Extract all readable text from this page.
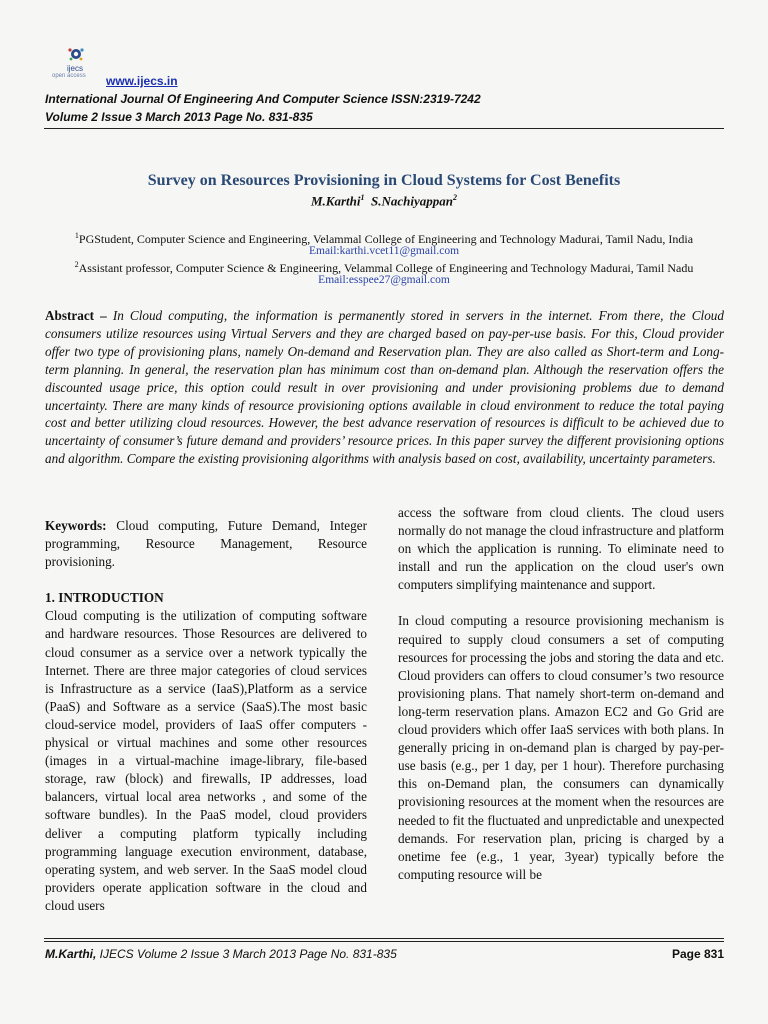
ijecs
open access www.ijecs.in
International Journal Of Engineering And Computer Science ISSN:2319-7242
Volume 2 Issue 3 March 2013 Page No. 831-835
Survey on Resources Provisioning in Cloud Systems for Cost Benefits
M.Karthi$^1$ S.Nachiyappan$^2$
$^1$PGStudent, Computer Science and Engineering, Velammal College of Engineering and Technology Madurai, Tamil Nadu, India
Email:karthi.vcet11@gmail.com
$^2$Assistant professor, Computer Science & Engineering, Velammal College of Engineering and Technology Madurai, Tamil Nadu
Email:esspee27@gmail.com
Abstract – In Cloud computing, the information is permanently stored in servers in the internet. From there, the Cloud consumers utilize resources using Virtual Servers and they are charged based on pay-per-use basis. For this, Cloud provider offer two type of provisioning plans, namely On-demand and Reservation plan. They are also called as Short-term and Long-term planning. In general, the reservation plan has minimum cost than on-demand plan. Although the reservation offers the discounted usage price, this option could result in over provisioning and under provisioning problems due to demand uncertainty. There are many kinds of resource provisioning options available in cloud environment to reduce the total paying cost and better utilizing cloud resources. However, the best advance reservation of resources is difficult to be achieved due to uncertainty of consumer’s future demand and providers’ resource prices. In this paper survey the different provisioning options and algorithm. Compare the existing provisioning algorithms with analysis based on cost, availability, uncertainty parameters.

Keywords: Cloud computing, Future Demand, Integer programming, Resource Management, Resource provisioning.

1. INTRODUCTION

Cloud computing is the utilization of computing software and hardware resources. Those Resources are delivered to cloud consumer as a service over a network typically the Internet. There are three major categories of cloud services is Infrastructure as a service (IaaS),Platform as a service (PaaS) and Software as a service (SaaS).The most basic cloud-service model, providers of IaaS offer computers - physical or virtual machines and some other resources (images in a virtual-machine image-library, file-based storage, raw (block) and firewalls, IP addresses, load balancers, virtual local area networks , and some of the software bundles). In the PaaS model, cloud providers deliver a computing platform typically including programming language execution environment, database, operating system, and web server. In the SaaS model cloud providers operate application software in the cloud and cloud users

access the software from cloud clients. The cloud users normally do not manage the cloud infrastructure and platform on which the application is running. To eliminate need to install and run the application on the cloud user's own computers simplifying maintenance and support.

In cloud computing a resource provisioning mechanism is required to supply cloud consumers a set of computing resources for processing the jobs and storing the data and etc. Cloud providers can offers to cloud consumer’s two resource provisioning plans. That namely short-term on-demand and long-term reservation plans. Amazon EC2 and Go Grid are cloud providers which offer IaaS services with both plans. In generally pricing in on-demand plan is charged by pay-per-use basis (e.g., per 1 day, per 1 hour). Therefore purchasing this on-Demand plan, the consumers can dynamically provisioning resources at the moment when the resources are needed to fit the fluctuated and unpredictable and unexpected demands. For reservation plan, pricing is charged by a onetime fee (e.g., 1 year, 3year) typically before the computing resource will be

M.Karthi, IJECS Volume 2 Issue 3 March 2013 Page No. 831-835	Page 831
